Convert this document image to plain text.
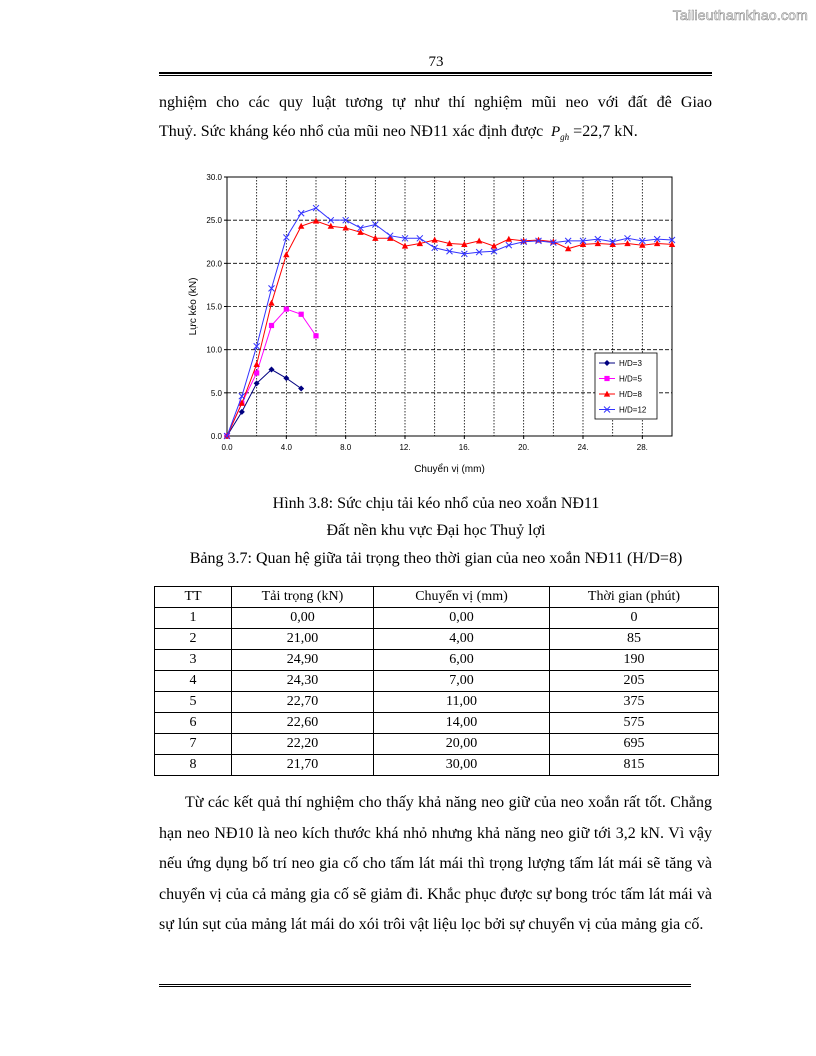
Tailieuthamkhao.com
73
nghiệm cho các quy luật tương tự như thí nghiệm mũi neo với đất đê Giao
Thuỷ. Sức kháng kéo nhổ của mũi neo NĐ11 xác định được $P_{gh} =22,7$ kN.
0.0
5.0
10.0
15.0
20.0
25.0
30.0
0.0	4.0	8.0	12.	16.	20.	24.	28.
Chuyển vị (mm)
Lực kéo (kN)
H/D=3
H/D=5
H/D=8
H/D=12
Hình 3.8: Sức chịu tải kéo nhổ của neo xoắn NĐ11
Đất nền khu vực Đại học Thuỷ lợi
Bảng 3.7: Quan hệ giữa tải trọng theo thời gian của neo xoắn NĐ11 (H/D=8)
TT	Tải trọng (kN)	Chuyển vị (mm)	Thời gian (phút)
1	0,00	0,00	0
2	21,00	4,00	85
3	24,90	6,00	190
4	24,30	7,00	205
5	22,70	11,00	375
6	22,60	14,00	575
7	22,20	20,00	695
8	21,70	30,00	815
Từ các kết quả thí nghiệm cho thấy khả năng neo giữ của neo xoắn rất tốt. Chẳng hạn neo NĐ10 là neo kích thước khá nhỏ nhưng khả năng neo giữ tới 3,2 kN. Vì vậy nếu ứng dụng bố trí neo gia cố cho tấm lát mái thì trọng lượng tấm lát mái sẽ tăng và chuyển vị của cả mảng gia cố sẽ giảm đi. Khắc phục được sự bong tróc tấm lát mái và sự lún sụt của mảng lát mái do xói trôi vật liệu lọc bởi sự chuyển vị của mảng gia cố.
